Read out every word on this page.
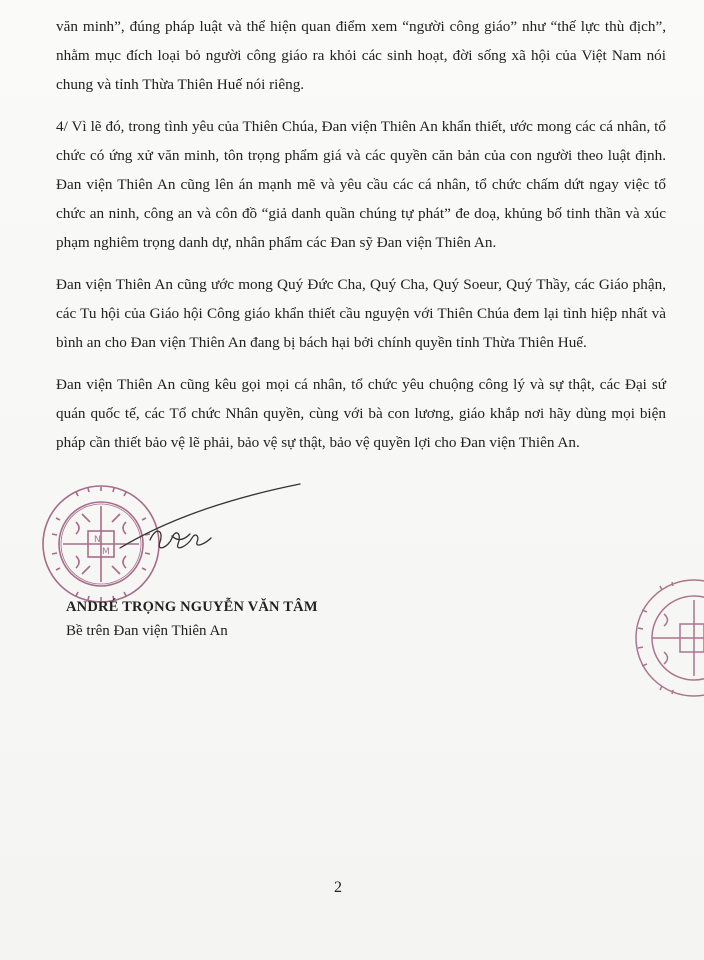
văn minh”, đúng pháp luật và thể hiện quan điểm xem “người công giáo” như “thế lực thù địch”, nhằm mục đích loại bỏ người công giáo ra khỏi các sinh hoạt, đời sống xã hội của Việt Nam nói chung và tỉnh Thừa Thiên Huế nói riêng.

4/ Vì lẽ đó, trong tình yêu của Thiên Chúa, Đan viện Thiên An khẩn thiết, ước mong các cá nhân, tổ chức có ứng xử văn minh, tôn trọng phẩm giá và các quyền căn bản của con người theo luật định. Đan viện Thiên An cũng lên án mạnh mẽ và yêu cầu các cá nhân, tổ chức chấm dứt ngay việc tổ chức an ninh, công an và côn đồ “giả danh quần chúng tự phát” đe doạ, khủng bố tinh thần và xúc phạm nghiêm trọng danh dự, nhân phẩm các Đan sỹ Đan viện Thiên An.

Đan viện Thiên An cũng ước mong Quý Đức Cha, Quý Cha, Quý Soeur, Quý Thầy, các Giáo phận, các Tu hội của Giáo hội Công giáo khẩn thiết cầu nguyện với Thiên Chúa đem lại tình hiệp nhất và bình an cho Đan viện Thiên An đang bị bách hại bởi chính quyền tỉnh Thừa Thiên Huế.

Đan viện Thiên An cũng kêu gọi mọi cá nhân, tổ chức yêu chuộng công lý và sự thật, các Đại sứ quán quốc tế, các Tổ chức Nhân quyền, cùng với bà con lương, giáo khắp nơi hãy dùng mọi biện pháp cần thiết bảo vệ lẽ phải, bảo vệ sự thật, bảo vệ quyền lợi cho Đan viện Thiên An.

N
M
ANDRÉ TRỌNG NGUYỄN VĂN TÂM
Bề trên Đan viện Thiên An
2
